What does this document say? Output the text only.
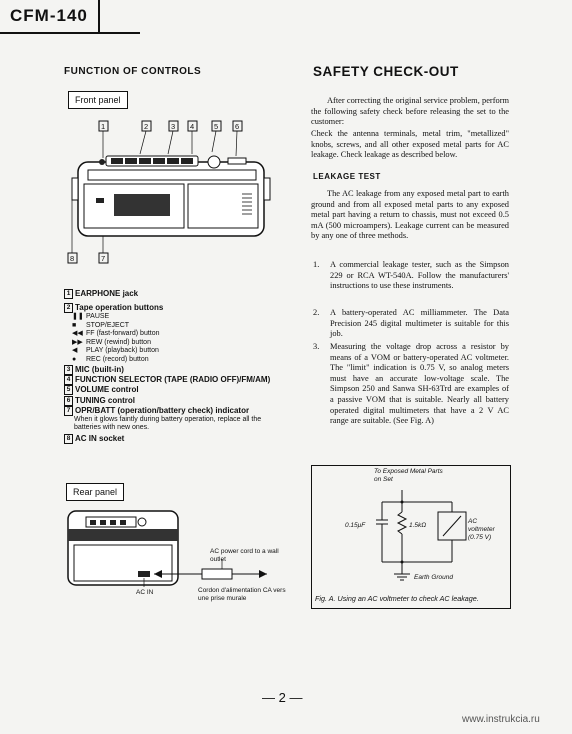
CFM-140
FUNCTION OF CONTROLS
Front panel
1	2	3 4	5 6
8	7
1 EARPHONE jack
2 Tape operation buttons
❚❚ PAUSE
■ STOP/EJECT
◀◀ FF (fast-forward) button
▶▶ REW (rewind) button
◀ PLAY (playback) button
● REC (record) button
3 MIC (built-in)
4 FUNCTION SELECTOR (TAPE (RADIO OFF)/FM/AM)
5 VOLUME control
6 TUNING control
7 OPR/BATT (operation/battery check) indicator
When it glows faintly during battery operation, replace all the batteries with new ones.
8 AC IN socket
Rear panel
AC IN
AC power cord to a wall outlet
Cordon d'alimentation CA vers une prise murale
SAFETY CHECK-OUT
After correcting the original service problem, perform the following safety check before releasing the set to the customer:
Check the antenna terminals, metal trim, "metallized" knobs, screws, and all other exposed metal parts for AC leakage. Check leakage as described below.
LEAKAGE TEST
The AC leakage from any exposed metal part to earth ground and from all exposed metal parts to any exposed metal part having a return to chassis, must not exceed 0.5 mA (500 microampers). Leakage current can be measured by any one of three methods.
1. A commercial leakage tester, such as the Simpson 229 or RCA WT-540A. Follow the manufacturers' instructions to use these instruments.
2. A battery-operated AC milliammeter. The Data Precision 245 digital multimeter is suitable for this job.
3. Measuring the voltage drop across a resistor by means of a VOM or battery-operated AC voltmeter. The "limit" indication is 0.75 V, so analog meters must have an accurate low-voltage scale. The Simpson 250 and Sanwa SH-63Trd are examples of a passive VOM that is suitable. Nearly all battery operated digital multimeters that have a 2 V AC range are suitable. (See Fig. A)
To Exposed Metal Parts on Set
0.15μF	1.5kΩ
AC voltmeter (0.75 V)
Earth Ground
Fig. A. Using an AC voltmeter to check AC leakage.
— 2 —
www.instrukcia.ru
